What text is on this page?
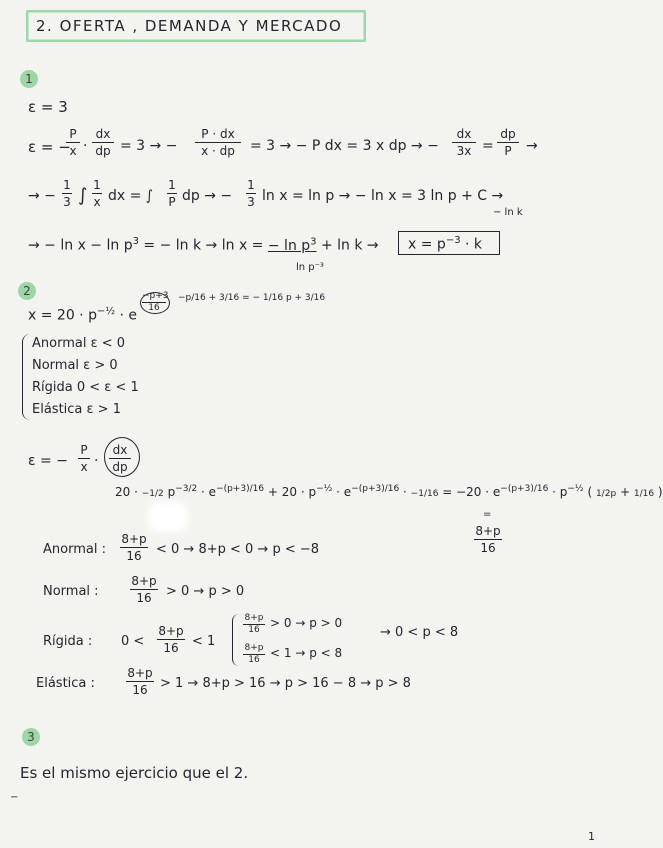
2. OFERTA , DEMANDA Y MERCADO
1
ε = 3
ε = −
P
x ·
dx
dp = 3 → −
P · dx
x · dp	= 3 → − P dx = 3 x dp → −
dx
3x =
dp
P	→
→ −
1
3 ∫ 1
x dx = ∫
1
P dp → −
1
3 ln x = ln p → − ln x = 3 ln p + C →
− ln k
→ − $\ln x - \ln p^3$ = − ln k → ln x = − $\ln p^3 + \ln k$ →
ln p⁻³
$x = p^{-3} \cdot k$
2
$x = 20 \cdot p^{-\frac{1}{2}} \cdot e$
−p+3
16
−p/16 + 3/16 = − 1/16 p + 3/16
Anormal ε < 0
Normal ε > 0
Rígida 0 < ε < 1
Elástica ε > 1
ε = −
P
x ·
dx
dp
20 · −1/2 $p^{-3/2} \cdot e^{-(p+3)/16} + 20 \cdot p^{-\frac{1}{2}} \cdot e^{-(p+3)/16} \cdot -1/16 = -20 \cdot e^{-(p+3)/16} \cdot p^{-\frac{1}{2}}$ ( 1/2p + 1/16 )
=
8+p
16
Anormal :
8+p
16	< 0 → 8+p < 0 → p < −8
Normal :
8+p
16	> 0 → p > 0
Rígida : 0 <
8+p
16	< 1
8+p
16 > 0 → p > 0
8+p
16 < 1 → p < 8
→ 0 < p < 8
Elástica :
8+p
16 > 1 → 8+p > 16 → p > 16 − 8 → p > 8
3
Es el mismo ejercicio que el 2.
−
1
